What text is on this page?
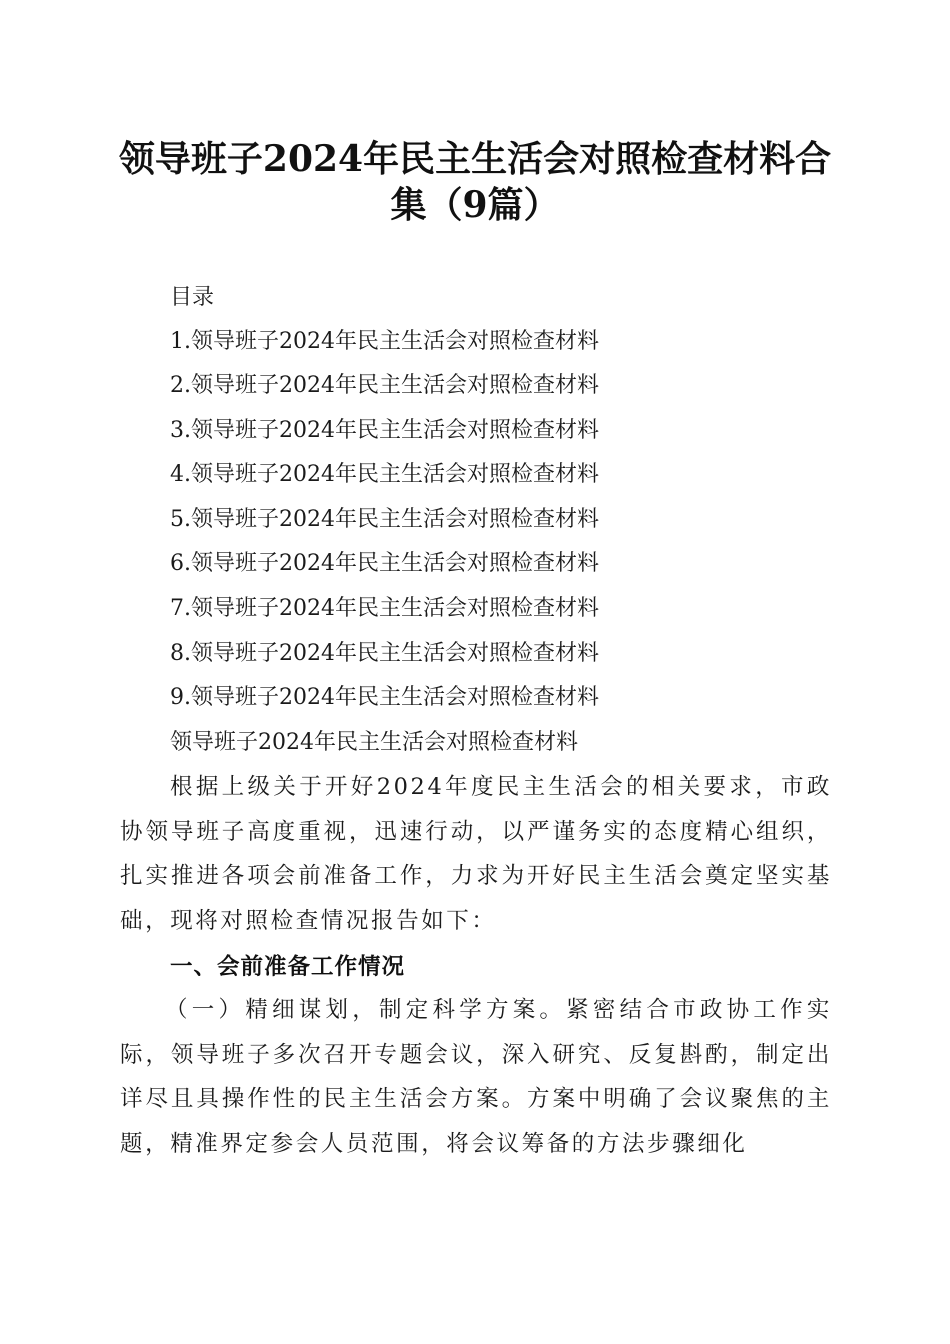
领导班子2024年民主生活会对照检查材料合
集（9篇）
目录
1.领导班子2024年民主生活会对照检查材料
2.领导班子2024年民主生活会对照检查材料
3.领导班子2024年民主生活会对照检查材料
4.领导班子2024年民主生活会对照检查材料
5.领导班子2024年民主生活会对照检查材料
6.领导班子2024年民主生活会对照检查材料
7.领导班子2024年民主生活会对照检查材料
8.领导班子2024年民主生活会对照检查材料
9.领导班子2024年民主生活会对照检查材料
领导班子2024年民主生活会对照检查材料
根据上级关于开好2024年度民主生活会的相关要求，市政协领导班子高度重视，迅速行动，以严谨务实的态度精心组织，扎实推进各项会前准备工作，力求为开好民主生活会奠定坚实基础，现将对照检查情况报告如下：
一、会前准备工作情况
（一）精细谋划，制定科学方案。紧密结合市政协工作实际，领导班子多次召开专题会议，深入研究、反复斟酌，制定出详尽且具操作性的民主生活会方案。方案中明确了会议聚焦的主题，精准界定参会人员范围，将会议筹备的方法步骤细化
